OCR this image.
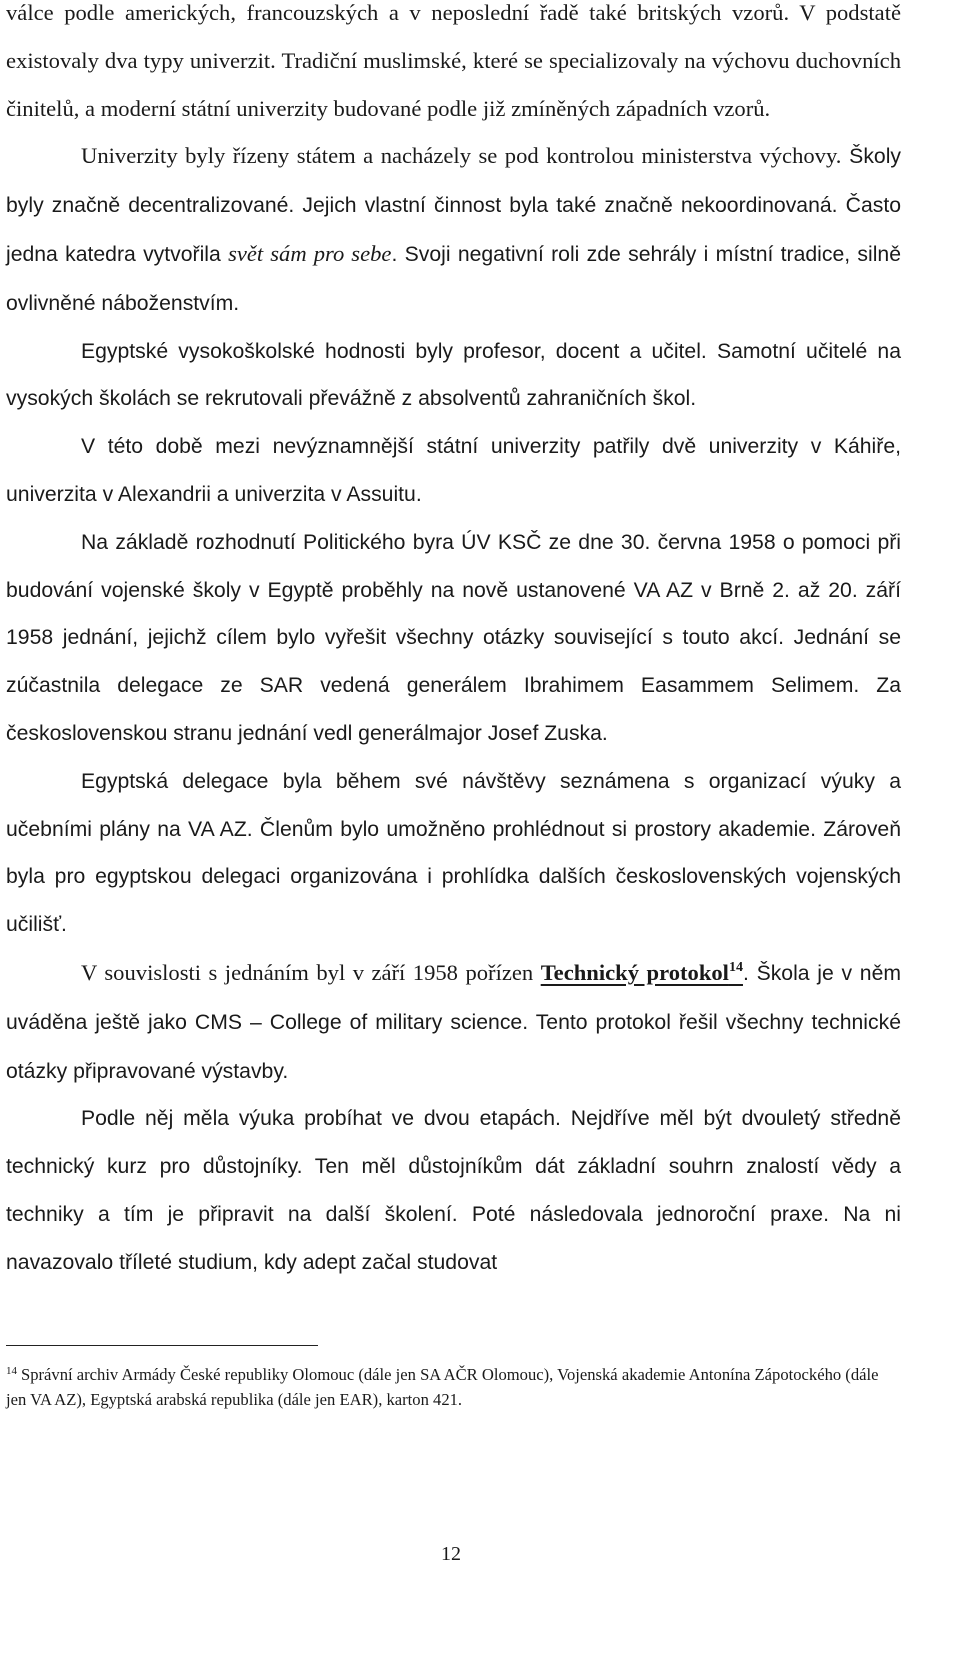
válce podle amerických, francouzských a v neposlední řadě také britských vzorů. V podstatě existovaly dva typy univerzit. Tradiční muslimské, které se specializovaly na výchovu duchovních činitelů, a moderní státní univerzity budované podle již zmíněných západních vzorů.

Univerzity byly řízeny státem a nacházely se pod kontrolou ministerstva výchovy. Školy byly značně decentralizované. Jejich vlastní činnost byla také značně nekoordinovaná. Často jedna katedra vytvořila svět sám pro sebe. Svoji negativní roli zde sehrály i místní tradice, silně ovlivněné náboženstvím.

Egyptské vysokoškolské hodnosti byly profesor, docent a učitel. Samotní učitelé na vysokých školách se rekrutovali převážně z absolventů zahraničních škol.

V této době mezi nevýznamnější státní univerzity patřily dvě univerzity v Káhiře, univerzita v Alexandrii a univerzita v Assuitu.

Na základě rozhodnutí Politického byra ÚV KSČ ze dne 30. června 1958 o pomoci při budování vojenské školy v Egyptě proběhly na nově ustanovené VA AZ v Brně 2. až 20. září 1958 jednání, jejichž cílem bylo vyřešit všechny otázky související s touto akcí. Jednání se zúčastnila delegace ze SAR vedená generálem Ibrahimem Easammem Selimem. Za československou stranu jednání vedl generálmajor Josef Zuska.

Egyptská delegace byla během své návštěvy seznámena s organizací výuky a učebními plány na VA AZ. Členům bylo umožněno prohlédnout si prostory akademie. Zároveň byla pro egyptskou delegaci organizována i prohlídka dalších československých vojenských učilišť.

V souvislosti s jednáním byl v září 1958 pořízen Technický protokol$^{14}$. Škola je v něm uváděna ještě jako CMS – College of military science. Tento protokol řešil všechny technické otázky připravované výstavby.

Podle něj měla výuka probíhat ve dvou etapách. Nejdříve měl být dvouletý středně technický kurz pro důstojníky. Ten měl důstojníkům dát základní souhrn znalostí vědy a techniky a tím je připravit na další školení. Poté následovala jednoroční praxe. Na ni navazovalo tříleté studium, kdy adept začal studovat

$^{14}$ Správní archiv Armády České republiky Olomouc (dále jen SA AČR Olomouc), Vojenská akademie Antonína Zápotockého (dále jen VA AZ), Egyptská arabská republika (dále jen EAR), karton 421.
12
